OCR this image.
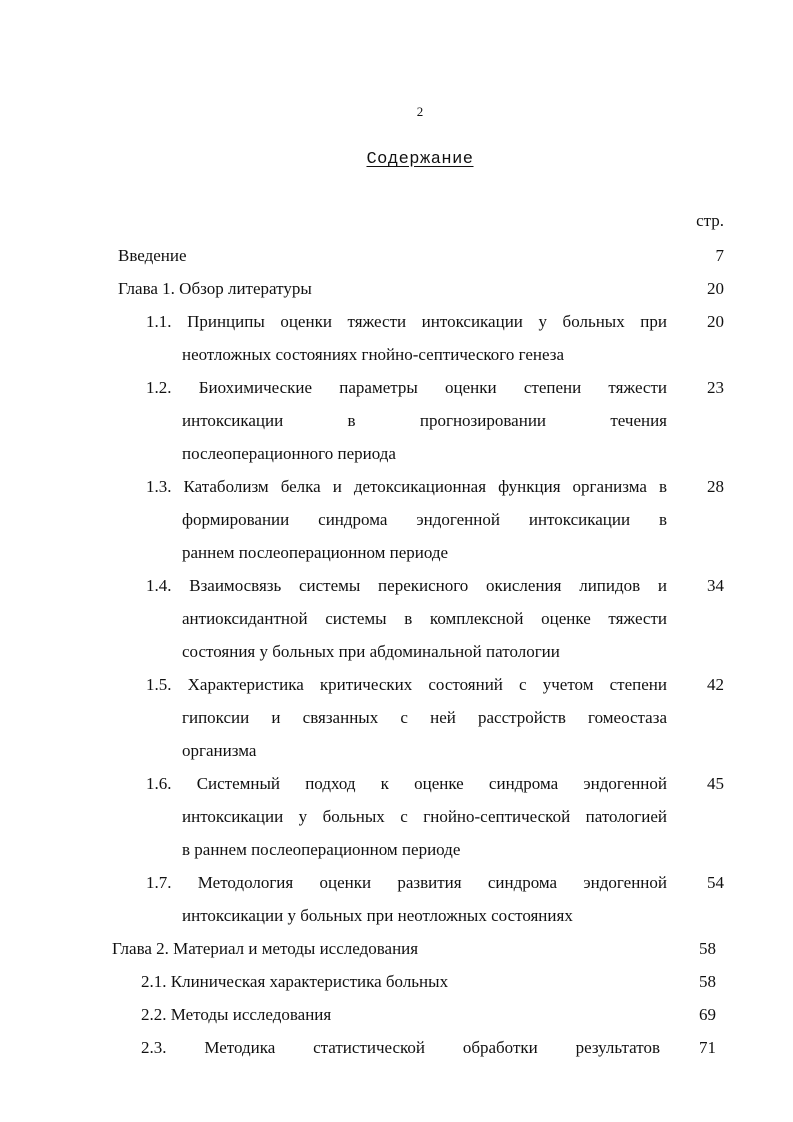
2
Содержание
стр.
Введение	7
Глава 1. Обзор литературы	20
1.1. Принципы оценки тяжести интоксикации у больных при
неотложных состояниях гнойно-септического генеза
20
1.2. Биохимические параметры оценки степени тяжести
интоксикации в прогнозировании течения
послеоперационного периода
23
1.3. Катаболизм белка и детоксикационная функция организма в
формировании синдрома эндогенной интоксикации в
раннем послеоперационном периоде
28
1.4. Взаимосвязь системы перекисного окисления липидов и
антиоксидантной системы в комплексной оценке тяжести
состояния у больных при абдоминальной патологии
34
1.5. Характеристика критических состояний с учетом степени
гипоксии и связанных с ней расстройств гомеостаза
организма
42
1.6. Системный подход к оценке синдрома эндогенной
интоксикации у больных с гнойно-септической патологией
в раннем послеоперационном периоде
45
1.7. Методология оценки развития синдрома эндогенной
интоксикации у больных при неотложных состояниях
54
Глава 2. Материал и методы исследования	58
2.1. Клиническая характеристика больных	58
2.2. Методы исследования	69
2.3. Методика статистической обработки результатов 71
